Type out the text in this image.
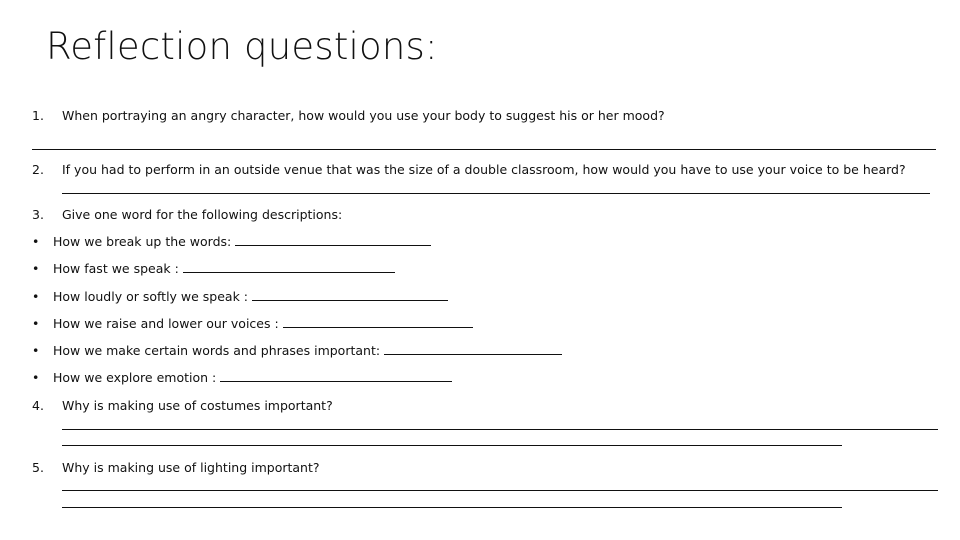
Reflection questions:
1. When portraying an angry character, how would you use your body to suggest his or her mood?
2. If you had to perform in an outside venue that was the size of a double classroom, how would you have to use your voice to be heard?
3. Give one word for the following descriptions:
• How we break up the words:
• How fast we speak :
• How loudly or softly we speak :
• How we raise and lower our voices :
• How we make certain words and phrases important:
• How we explore emotion :
4. Why is making use of costumes important?
5. Why is making use of lighting important?
